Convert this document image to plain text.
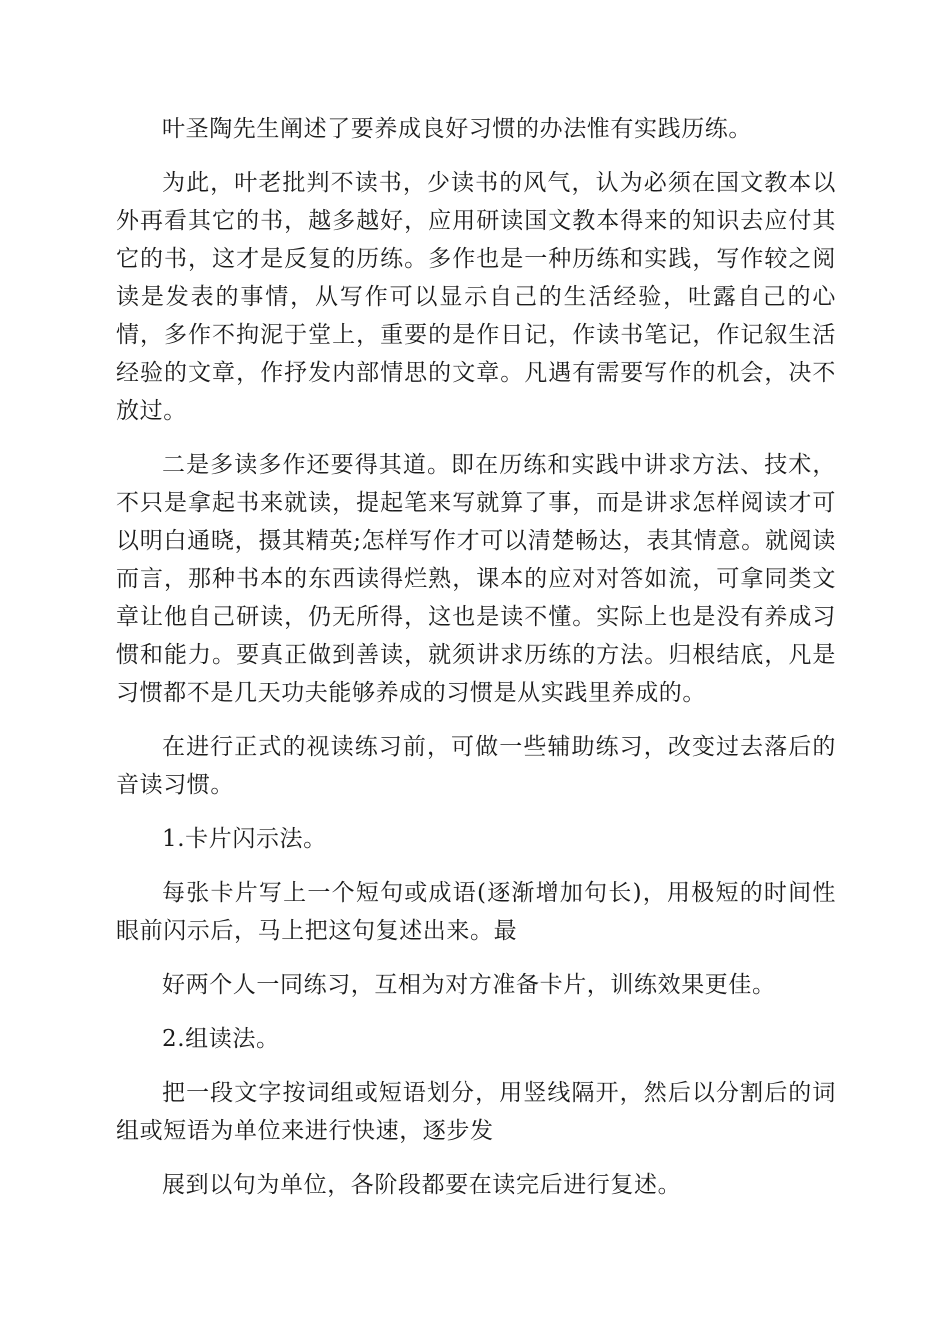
叶圣陶先生阐述了要养成良好习惯的办法惟有实践历练。

为此，叶老批判不读书，少读书的风气，认为必须在国文教本以外再看其它的书，越多越好，应用研读国文教本得来的知识去应付其它的书，这才是反复的历练。多作也是一种历练和实践，写作较之阅读是发表的事情，从写作可以显示自己的生活经验，吐露自己的心情，多作不拘泥于堂上，重要的是作日记，作读书笔记，作记叙生活经验的文章，作抒发内部情思的文章。凡遇有需要写作的机会，决不放过。

二是多读多作还要得其道。即在历练和实践中讲求方法、技术，不只是拿起书来就读，提起笔来写就算了事，而是讲求怎样阅读才可以明白通晓，摄其精英;怎样写作才可以清楚畅达，表其情意。就阅读而言，那种书本的东西读得烂熟，课本的应对对答如流，可拿同类文章让他自己研读，仍无所得，这也是读不懂。实际上也是没有养成习惯和能力。要真正做到善读，就须讲求历练的方法。归根结底，凡是习惯都不是几天功夫能够养成的习惯是从实践里养成的。

在进行正式的视读练习前，可做一些辅助练习，改变过去落后的音读习惯。

1.卡片闪示法。

每张卡片写上一个短句或成语(逐渐增加句长)，用极短的时间性眼前闪示后，马上把这句复述出来。最

好两个人一同练习，互相为对方准备卡片，训练效果更佳。

2.组读法。

把一段文字按词组或短语划分，用竖线隔开，然后以分割后的词组或短语为单位来进行快速，逐步发

展到以句为单位，各阶段都要在读完后进行复述。
